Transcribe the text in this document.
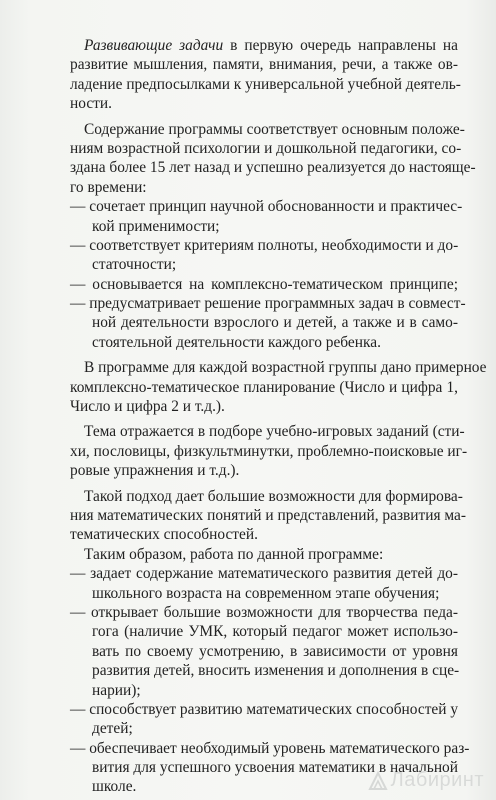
Развивающие задачи в первую очередь направлены на
развитие мышления, памяти, внимания, речи, а также ов-
ладение предпосылками к универсальной учебной деятель-
ности.
Содержание программы соответствует основным положе-
ниям возрастной психологии и дошкольной педагогики, со-
здана более 15 лет назад и успешно реализуется до настояще-
го времени:
— сочетает принцип научной обоснованности и практичес-
кой применимости;
— соответствует критериям полноты, необходимости и до-
статочности;
— основывается на комплексно-тематическом принципе;
— предусматривает решение программных задач в совмест-
ной деятельности взрослого и детей, а также и в само-
стоятельной деятельности каждого ребенка.
В программе для каждой возрастной группы дано примерное
комплексно-тематическое планирование (Число и цифра 1,
Число и цифра 2 и т.д.).
Тема отражается в подборе учебно-игровых заданий (сти-
хи, пословицы, физкультминутки, проблемно-поисковые иг-
ровые упражнения и т.д.).
Такой подход дает большие возможности для формирова-
ния математических понятий и представлений, развития ма-
тематических способностей.
Таким образом, работа по данной программе:
— задает содержание математического развития детей до-
школьного возраста на современном этапе обучения;
— открывает большие возможности для творчества педа-
гога (наличие УМК, который педагог может использо-
вать по своему усмотрению, в зависимости от уровня
развития детей, вносить изменения и дополнения в сце-
нарии);
— способствует развитию математических способностей у
детей;
— обеспечивает необходимый уровень математического раз-
вития для успешного усвоения математики в начальной
школе.	Лабиринт
